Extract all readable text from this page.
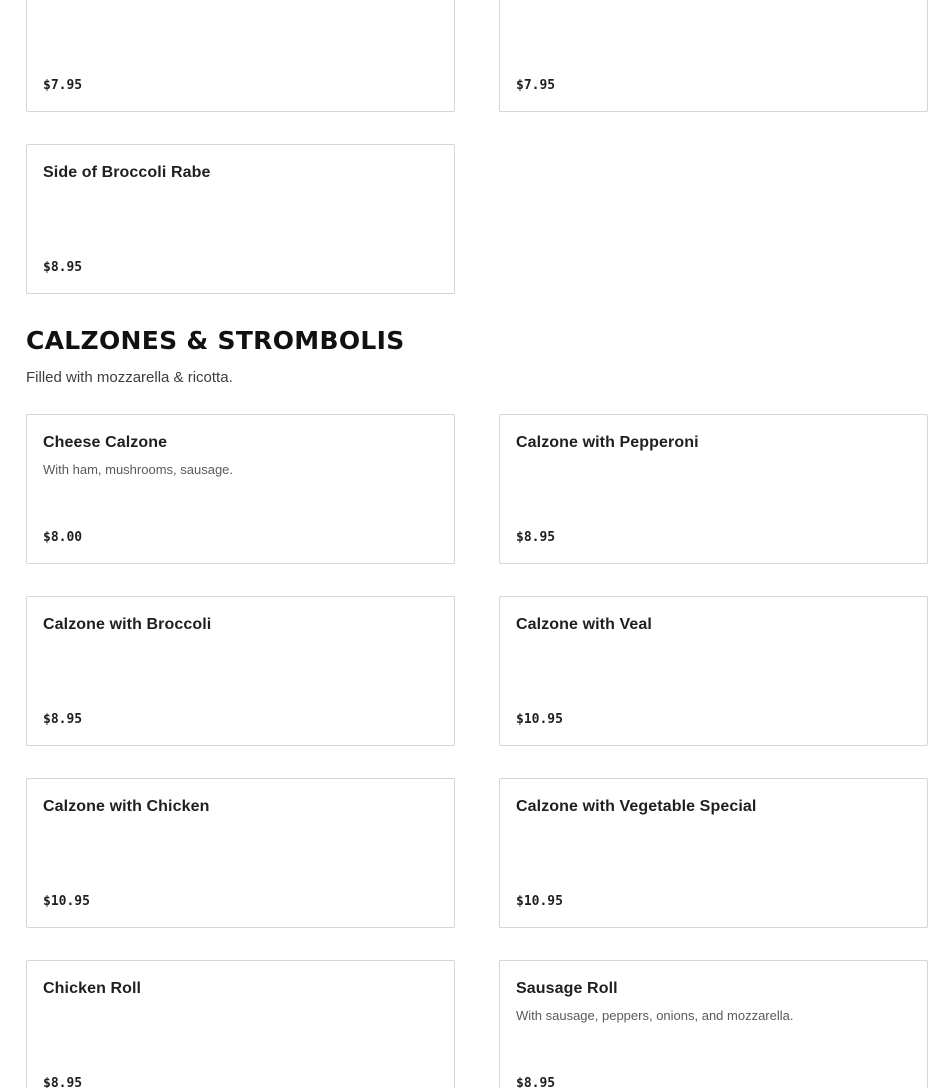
$7.95	$7.95
Side of Broccoli Rabe
$8.95
CALZONES & STROMBOLIS

Filled with mozzarella & ricotta.

Cheese Calzone
With ham, mushrooms, sausage.
$8.00
Calzone with Pepperoni
$8.95
Calzone with Broccoli
$8.95
Calzone with Veal
$10.95
Calzone with Chicken
$10.95
Calzone with Vegetable Special
$10.95
Chicken Roll
$8.95
Sausage Roll
With sausage, peppers, onions, and mozzarella.
$8.95
